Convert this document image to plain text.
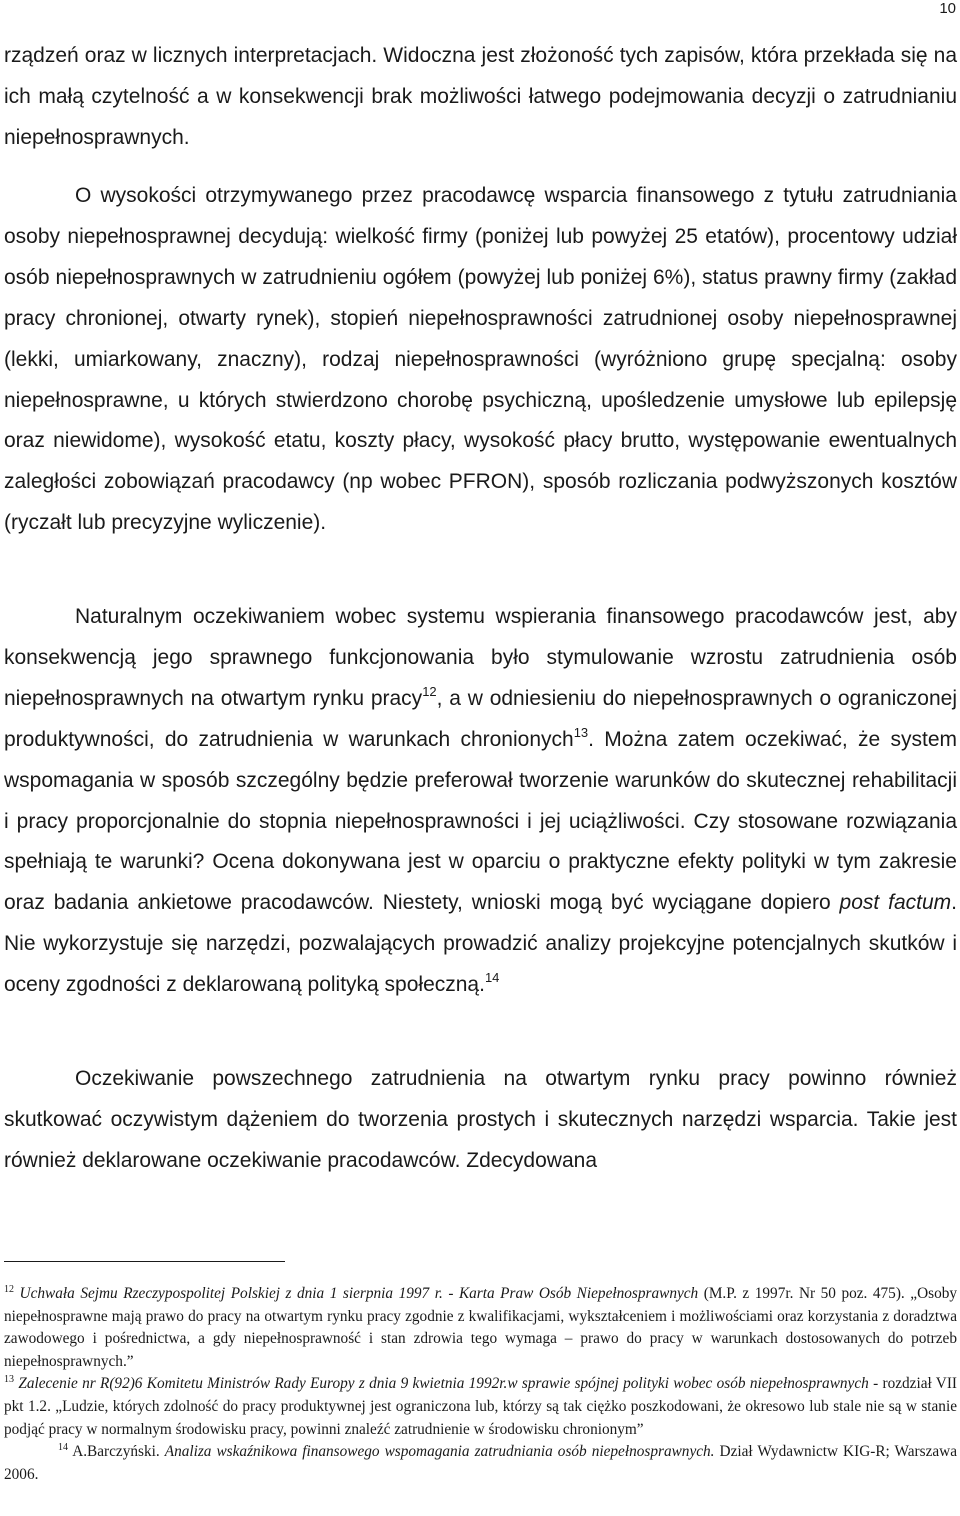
10

rządzeń oraz w licznych interpretacjach. Widoczna jest złożoność tych zapisów, która przekłada się na ich małą czytelność a w konsekwencji brak możliwości łatwego podejmowania decyzji o zatrudnianiu niepełnosprawnych.

O wysokości otrzymywanego przez pracodawcę wsparcia finansowego z tytułu zatrudniania osoby niepełnosprawnej decydują: wielkość firmy (poniżej lub powyżej 25 etatów), procentowy udział osób niepełnosprawnych w zatrudnieniu ogółem (powyżej lub poniżej 6%), status prawny firmy (zakład pracy chronionej, otwarty rynek), stopień niepełnosprawności zatrudnionej osoby niepełnosprawnej (lekki, umiarkowany, znaczny), rodzaj niepełnosprawności (wyróżniono grupę specjalną: osoby niepełnosprawne, u których stwierdzono chorobę psychiczną, upośledzenie umysłowe lub epilepsję oraz niewidome), wysokość etatu, koszty płacy, wysokość płacy brutto, występowanie ewentualnych zaległości zobowiązań pracodawcy (np wobec PFRON), sposób rozliczania podwyższonych kosztów (ryczałt lub precyzyjne wyliczenie).

Naturalnym oczekiwaniem wobec systemu wspierania finansowego pracodawców jest, aby konsekwencją jego sprawnego funkcjonowania było stymulowanie wzrostu zatrudnienia osób niepełnosprawnych na otwartym rynku pracy$^{12}$, a w odniesieniu do niepełnosprawnych o ograniczonej produktywności, do zatrudnienia w warunkach chronionych$^{13}$. Można zatem oczekiwać, że system wspomagania w sposób szczególny będzie preferował tworzenie warunków do skutecznej rehabilitacji i pracy proporcjonalnie do stopnia niepełnosprawności i jej uciążliwości. Czy stosowane rozwiązania spełniają te warunki? Ocena dokonywana jest w oparciu o praktyczne efekty polityki w tym zakresie oraz badania ankietowe pracodawców. Niestety, wnioski mogą być wyciągane dopiero post factum. Nie wykorzystuje się narzędzi, pozwalających prowadzić analizy projekcyjne potencjalnych skutków i oceny zgodności z deklarowaną polityką społeczną.$^{14}$

Oczekiwanie powszechnego zatrudnienia na otwartym rynku pracy powinno również skutkować oczywistym dążeniem do tworzenia prostych i skutecznych narzędzi wsparcia. Takie jest również deklarowane oczekiwanie pracodawców. Zdecydowana

$^{12}$ Uchwała Sejmu Rzeczypospolitej Polskiej z dnia 1 sierpnia 1997 r. - Karta Praw Osób Niepełnosprawnych (M.P. z 1997r. Nr 50 poz. 475). „Osoby niepełnosprawne mają prawo do pracy na otwartym rynku pracy zgodnie z kwalifikacjami, wykształceniem i możliwościami oraz korzystania z doradztwa zawodowego i pośrednictwa, a gdy niepełnosprawność i stan zdrowia tego wymaga – prawo do pracy w warunkach dostosowanych do potrzeb niepełnosprawnych.”

$^{13}$ Zalecenie nr R(92)6 Komitetu Ministrów Rady Europy z dnia 9 kwietnia 1992r.w sprawie spójnej polityki wobec osób niepełnosprawnych - rozdział VII pkt 1.2. „Ludzie, których zdolność do pracy produktywnej jest ograniczona lub, którzy są tak ciężko poszkodowani, że okresowo lub stale nie są w stanie podjąć pracy w normalnym środowisku pracy, powinni znaleźć zatrudnienie w środowisku chronionym”

$^{14}$ A.Barczyński. Analiza wskaźnikowa finansowego wspomagania zatrudniania osób niepełnosprawnych. Dział Wydawnictw KIG-R; Warszawa 2006.
